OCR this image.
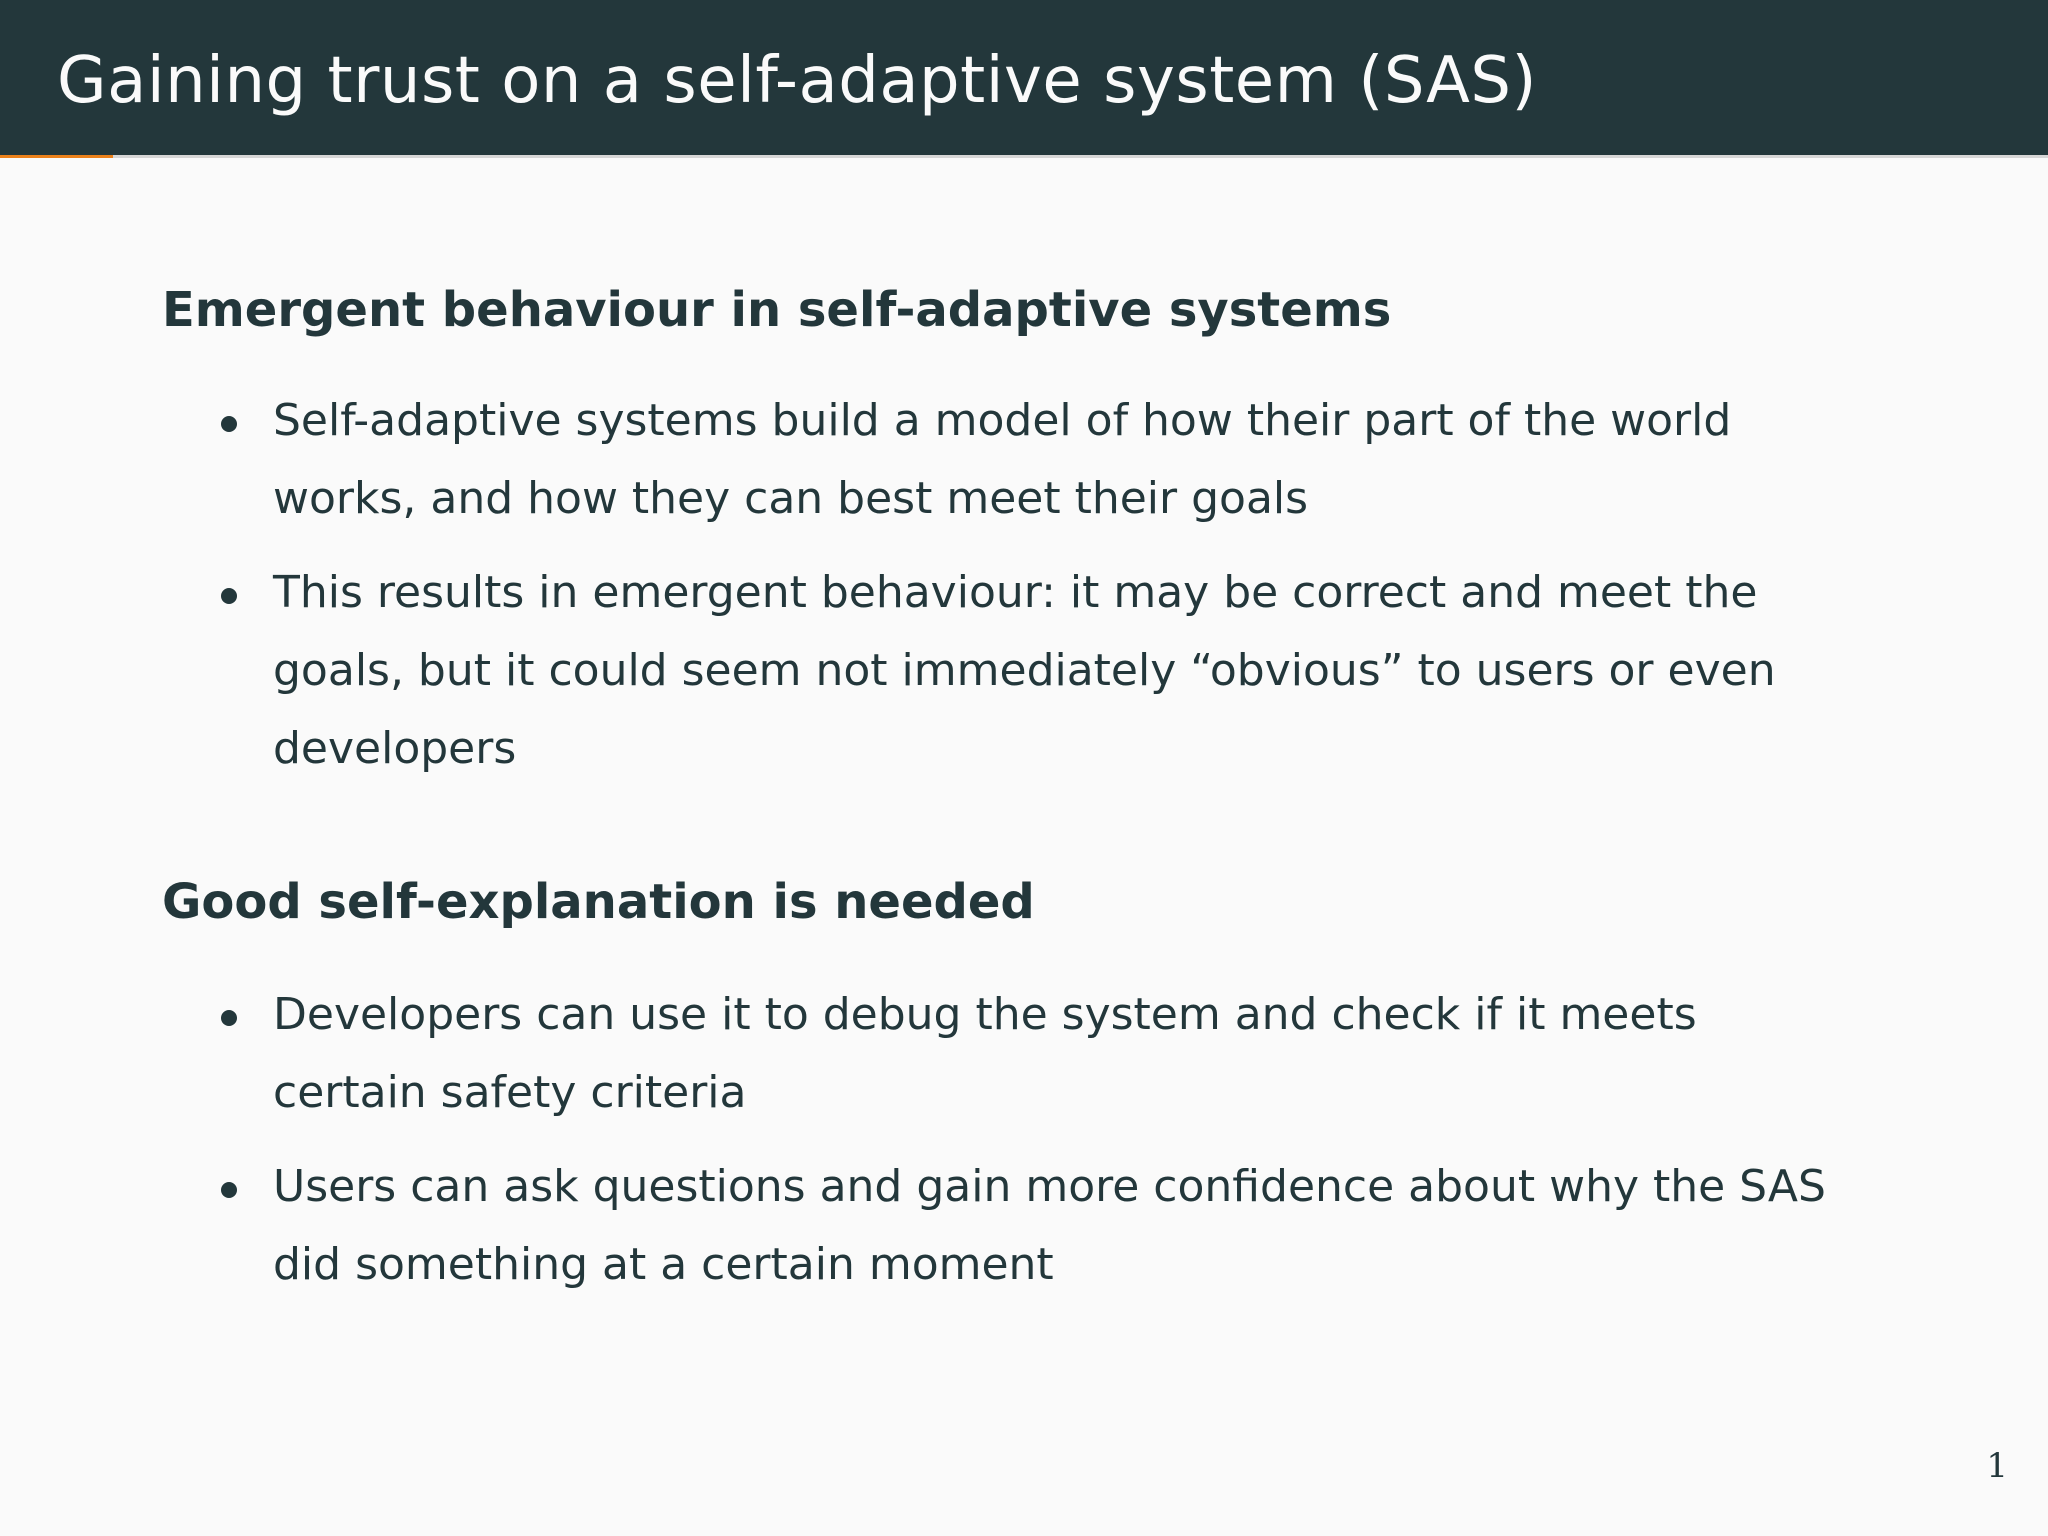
Gaining trust on a self-adaptive system (SAS)
Emergent behaviour in self-adaptive systems
Self-adaptive systems build a model of how their part of the world works, and how they can best meet their goals
This results in emergent behaviour: it may be correct and meet the goals, but it could seem not immediately “obvious” to users or even developers
Good self-explanation is needed
Developers can use it to debug the system and check if it meets certain safety criteria
Users can ask questions and gain more confidence about why the SAS did something at a certain moment
1
